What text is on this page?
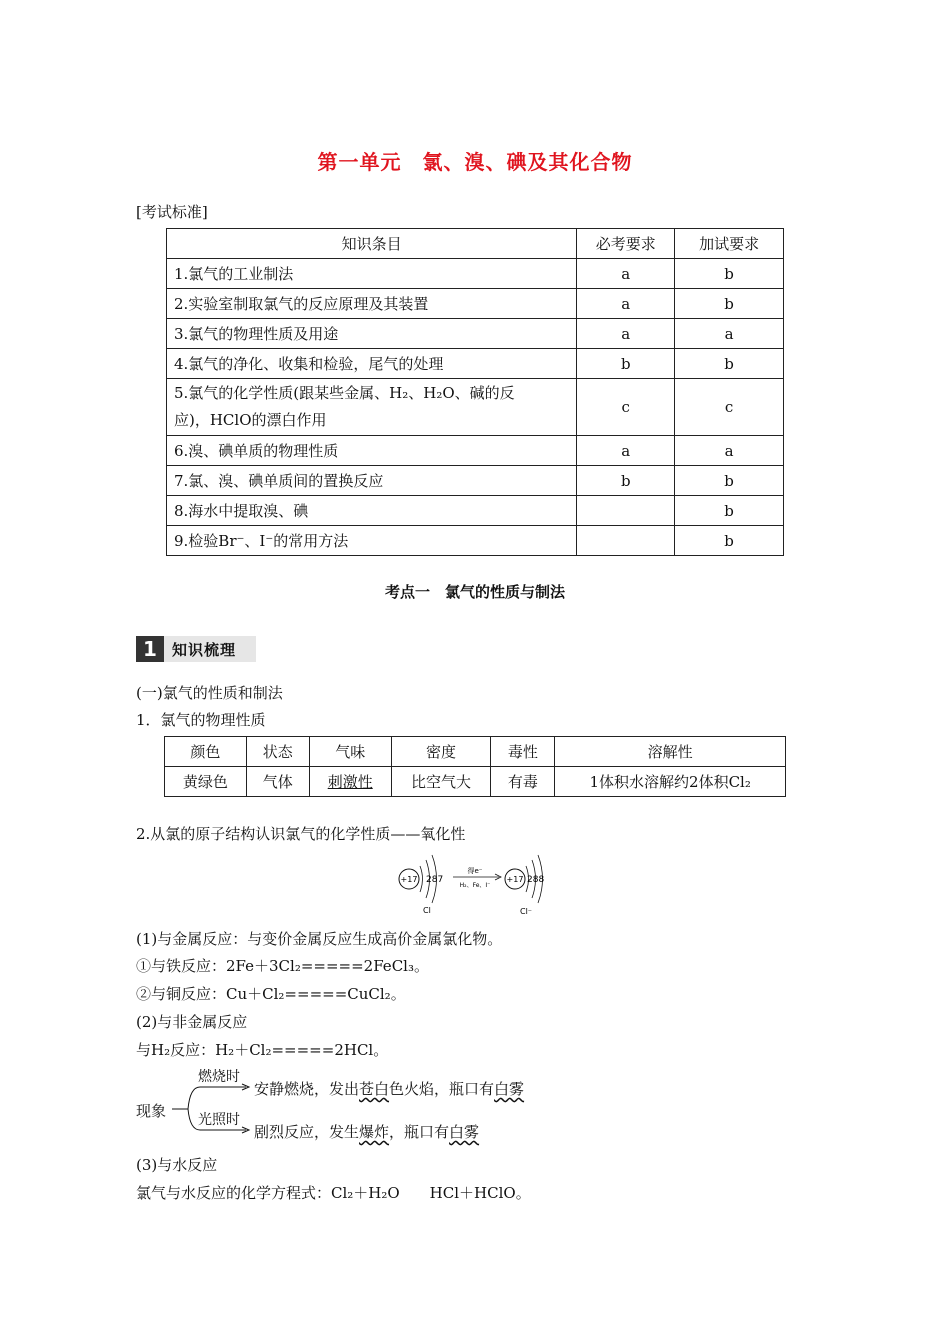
第一单元　氯、溴、碘及其化合物
[考试标准]
知识条目	必考要求	加试要求
1.氯气的工业制法	a	b
2.实验室制取氯气的反应原理及其装置	a	b
3.氯气的物理性质及用途	a	a
4.氯气的净化、收集和检验，尾气的处理	b	b

5.氯气的化学性质(跟某些金属、H₂、H₂O、碱的反
应)，HClO的漂白作用	c	c
6.溴、碘单质的物理性质	a	a
7.氯、溴、碘单质间的置换反应	b	b
8.海水中提取溴、碘		b
9.检验Br⁻、I⁻的常用方法		b
考点一　氯气的性质与制法
1	知识梳理
(一)氯气的性质和制法
1．氯气的物理性质
颜色	状态	气味	密度	毒性	溶解性
黄绿色	气体	刺激性	比空气大	有毒	1体积水溶解约2体积Cl₂
2.从氯的原子结构认识氯气的化学性质——氧化性
+17 287
Cl
得e⁻
H₂、Fe、I⁻
+17 288
Cl⁻
(1)与金属反应：与变价金属反应生成高价金属氯化物。
①与铁反应：2Fe＋3Cl₂=====2FeCl₃。
②与铜反应：Cu＋Cl₂=====CuCl₂。
(2)与非金属反应
与H₂反应：H₂＋Cl₂=====2HCl。
现象
燃烧时
光照时
安静燃烧，发出苍白色火焰，瓶口有白雾
剧烈反应，发生爆炸，瓶口有白雾
(3)与水反应
氯气与水反应的化学方程式：Cl₂＋H₂O　　HCl＋HClO。
